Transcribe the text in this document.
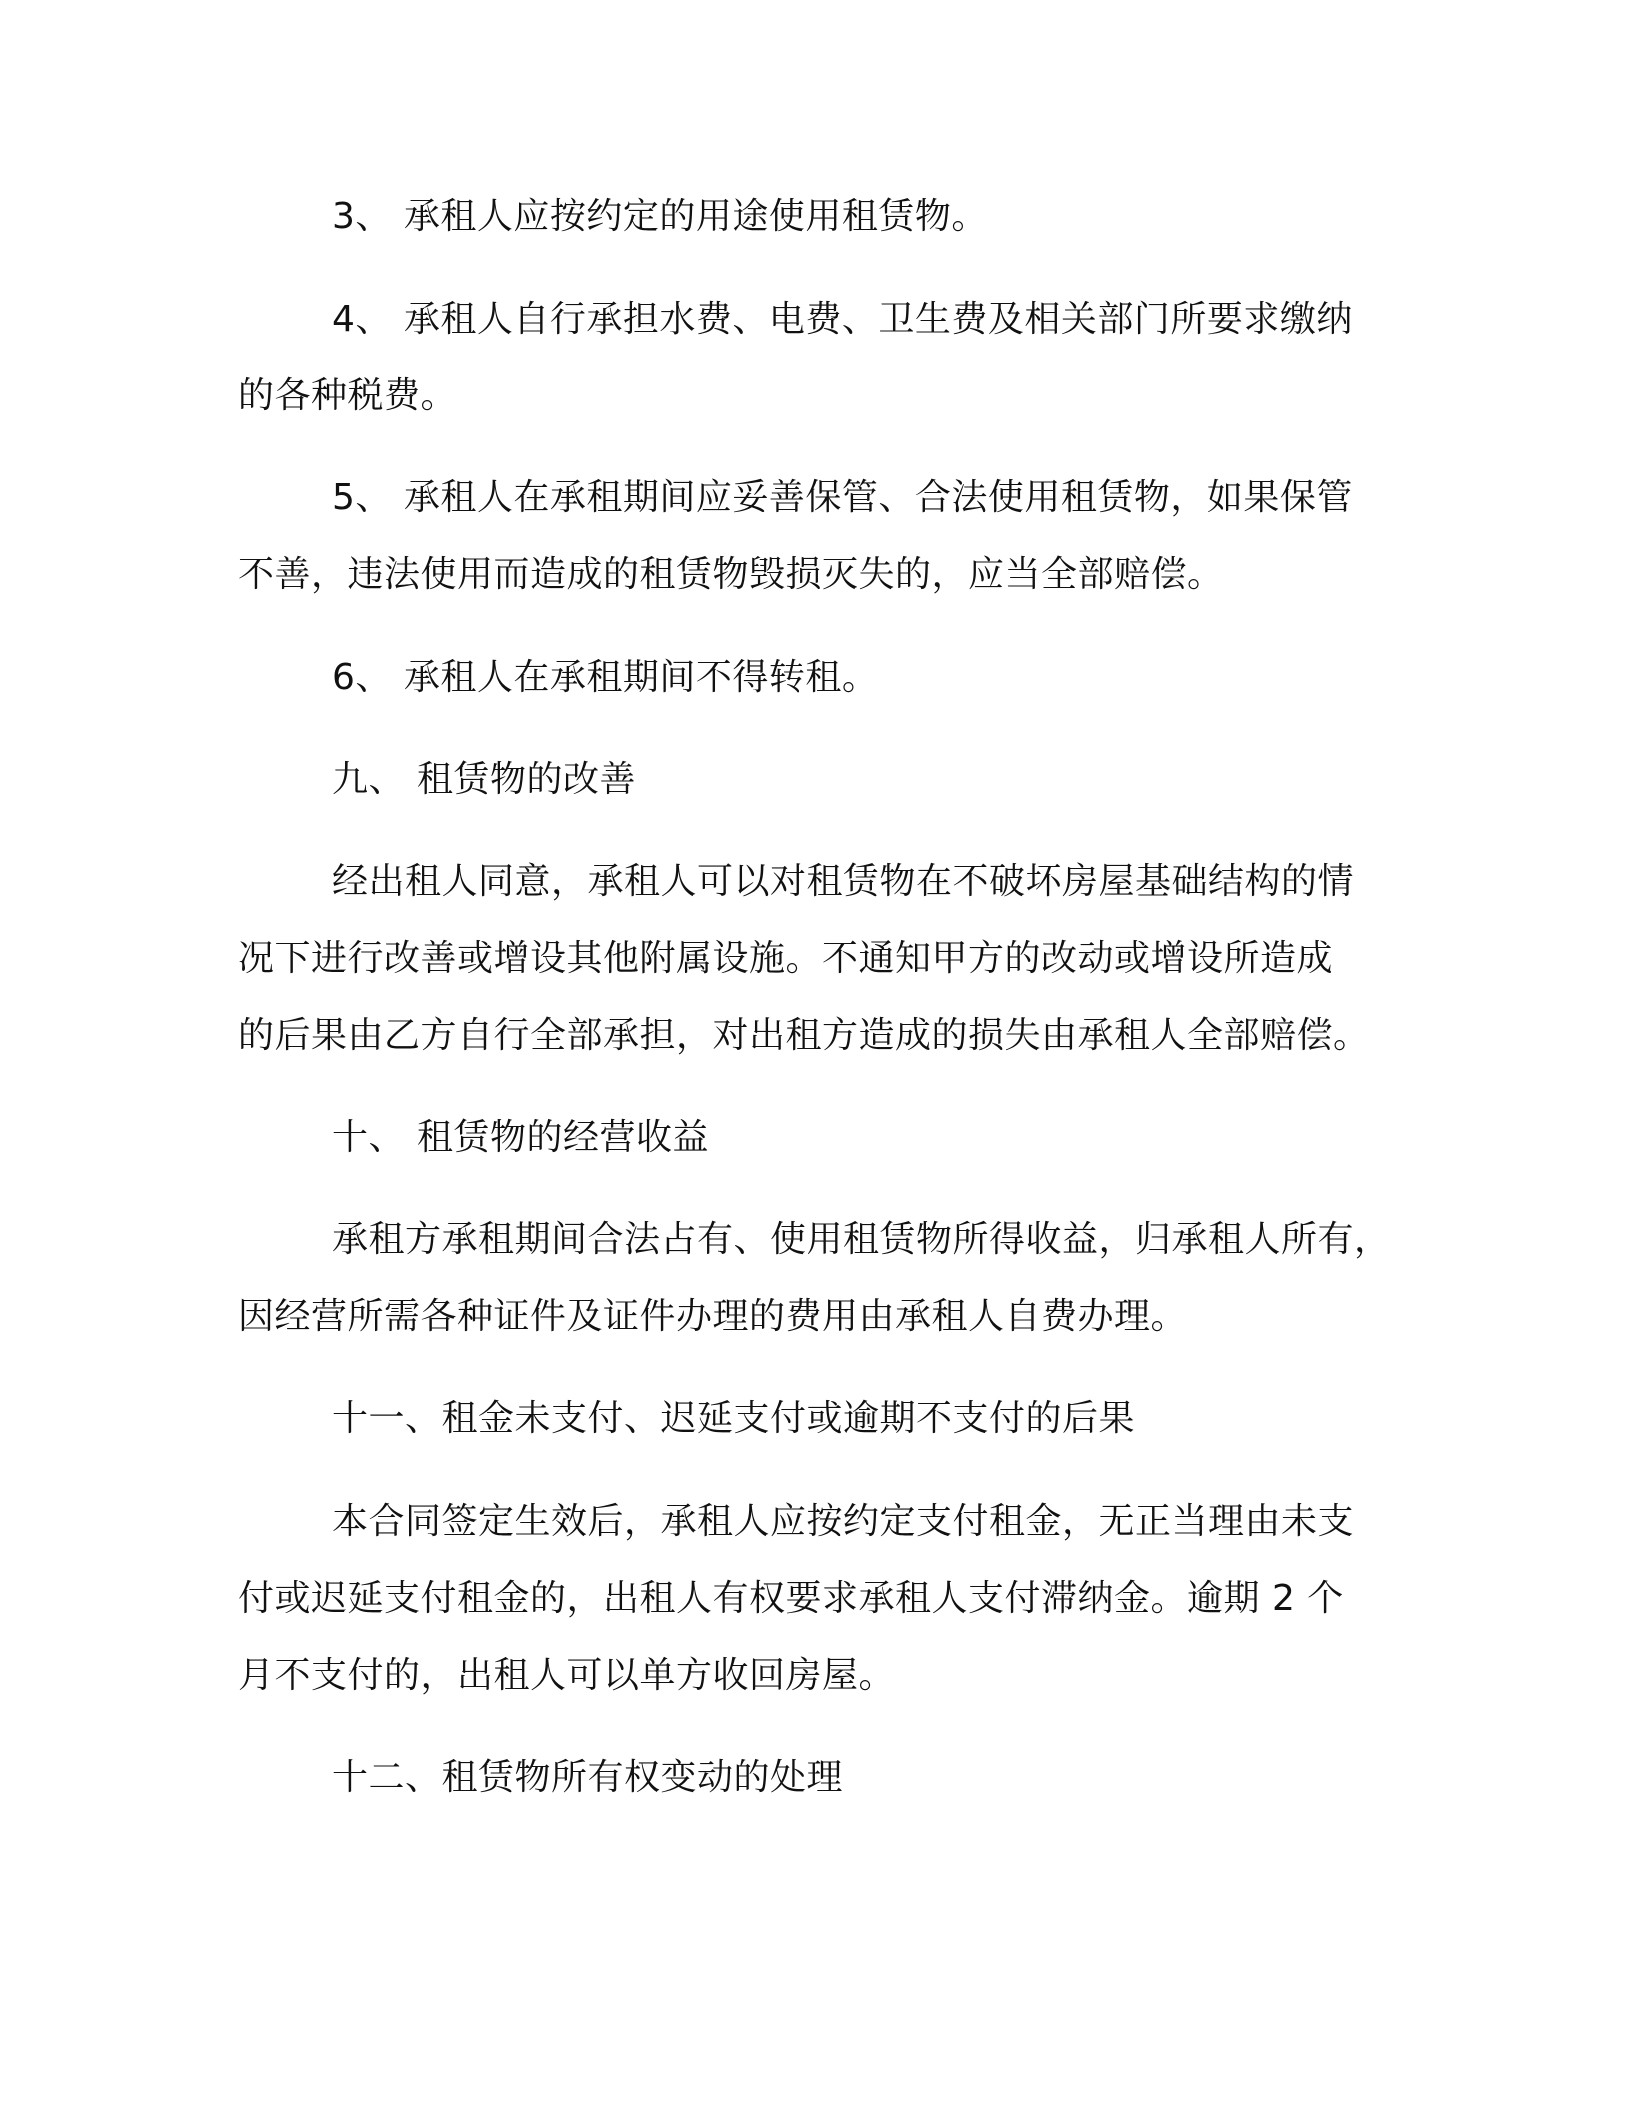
3、 承租人应按约定的用途使用租赁物。
4、 承租人自行承担水费、电费、卫生费及相关部门所要求缴纳
的各种税费。
5、 承租人在承租期间应妥善保管、合法使用租赁物，如果保管
不善，违法使用而造成的租赁物毁损灭失的，应当全部赔偿。
6、 承租人在承租期间不得转租。
九、 租赁物的改善
经出租人同意，承租人可以对租赁物在不破坏房屋基础结构的情
况下进行改善或增设其他附属设施。不通知甲方的改动或增设所造成
的后果由乙方自行全部承担，对出租方造成的损失由承租人全部赔偿。
十、 租赁物的经营收益
承租方承租期间合法占有、使用租赁物所得收益，归承租人所有，
因经营所需各种证件及证件办理的费用由承租人自费办理。
十一、租金未支付、迟延支付或逾期不支付的后果
本合同签定生效后，承租人应按约定支付租金，无正当理由未支
付或迟延支付租金的，出租人有权要求承租人支付滞纳金。逾期 2 个
月不支付的，出租人可以单方收回房屋。
十二、租赁物所有权变动的处理
